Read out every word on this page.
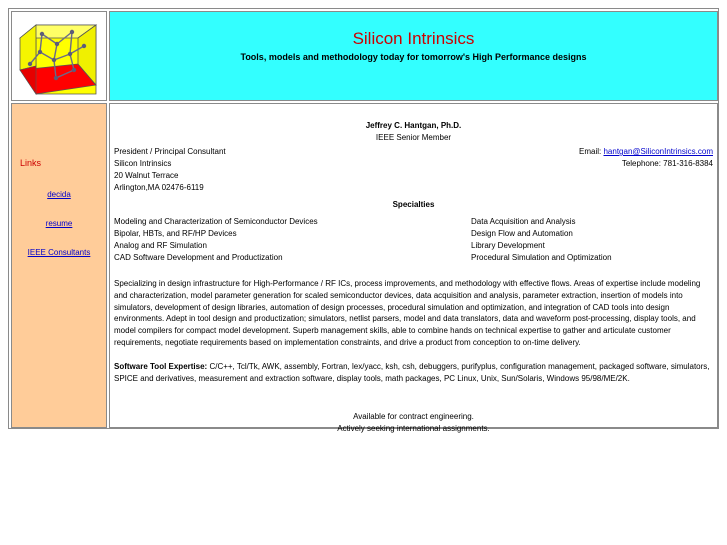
Silicon Intrinsics
Tools, models and methodology today for tomorrow's High Performance designs
Links
decida
resume
IEEE Consultants
Jeffrey C. Hantgan, Ph.D.
IEEE Senior Member
President / Principal Consultant
Silicon Intrinsics
20 Walnut Terrace
Arlington,MA 02476-6119
Email: hantgan@SiliconIntrinsics.com
Telephone: 781-316-8384
Specialties
Modeling and Characterization of Semiconductor Devices
Bipolar, HBTs, and RF/HP Devices
Analog and RF Simulation
CAD Software Development and Productization
Data Acquisition and Analysis
Design Flow and Automation
Library Development
Procedural Simulation and Optimization
Specializing in design infrastructure for High-Performance / RF ICs, process improvements, and methodology with effective flows. Areas of expertise include modeling and characterization, model parameter generation for scaled semiconductor devices, data acquisition and analysis, parameter extraction, insertion of models into simulators, development of design libraries, automation of design processes, procedural simulation and optimization, and integration of CAD tools into design environments. Adept in tool design and productization; simulators, netlist parsers, model and data translators, data and waveform post-processing, display tools, and model compilers for compact model development. Superb management skills, able to combine hands on technical expertise to gather and articulate customer requirements, negotiate requirements based on implementation constraints, and drive a product from conception to on-time delivery.
Software Tool Expertise: C/C++, Tcl/Tk, AWK, assembly, Fortran, lex/yacc, ksh, csh, debuggers, purifyplus, configuration management, packaged software, simulators, SPICE and derivatives, measurement and extraction software, display tools, math packages, PC Linux, Unix, Sun/Solaris, Windows 95/98/ME/2K.
Available for contract engineering.
Actively seeking international assignments.
